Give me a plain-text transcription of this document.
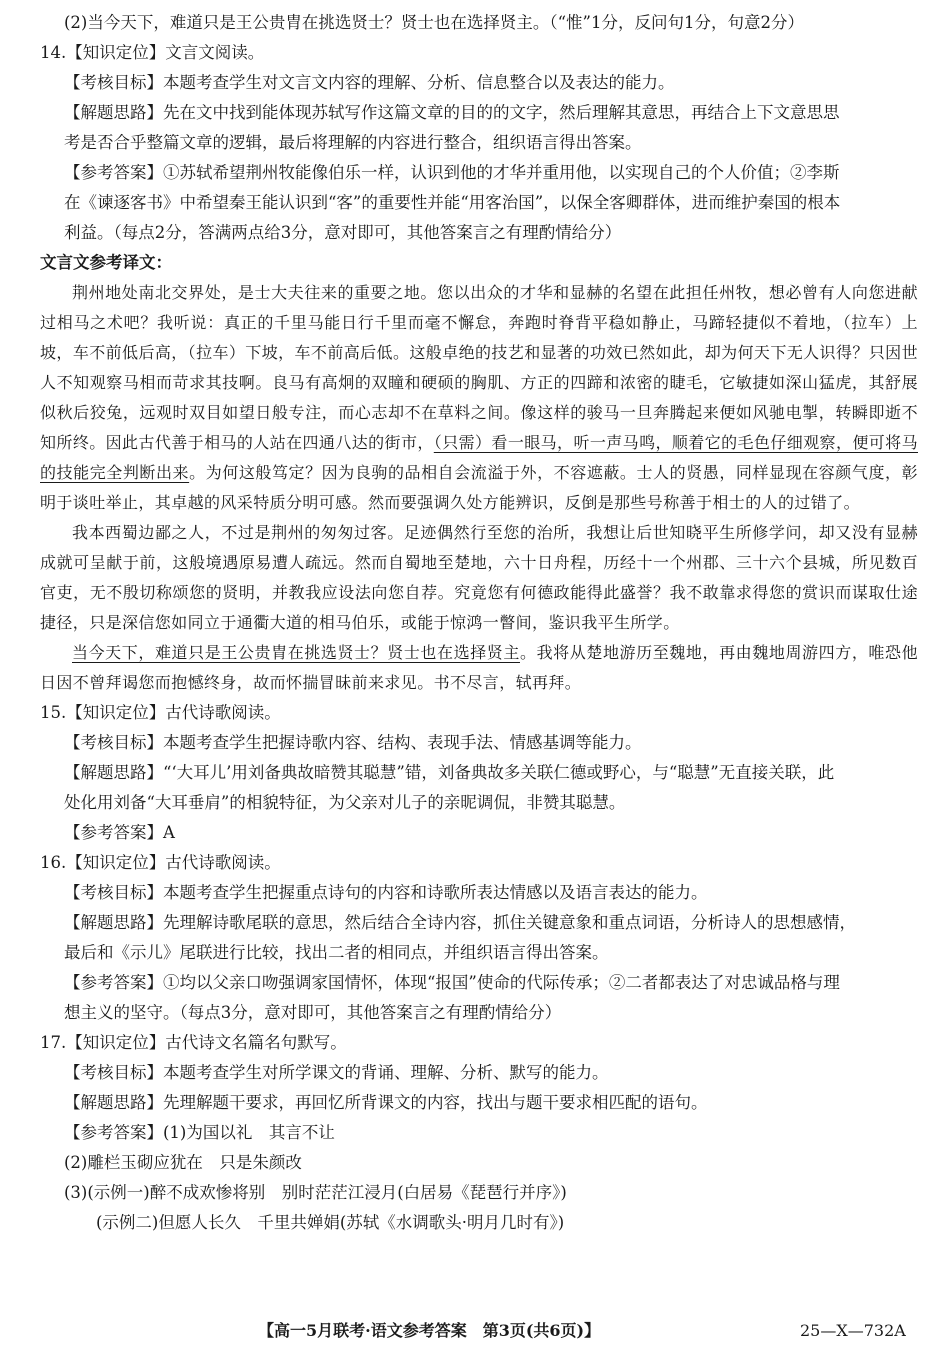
(2)当今天下，难道只是王公贵胄在挑选贤士？贤士也在选择贤主。（“惟”1分，反问句1分，句意2分）
14.【知识定位】文言文阅读。
【考核目标】本题考查学生对文言文内容的理解、分析、信息整合以及表达的能力。
【解题思路】先在文中找到能体现苏轼写作这篇文章的目的的文字，然后理解其意思，再结合上下文意思思
考是否合乎整篇文章的逻辑，最后将理解的内容进行整合，组织语言得出答案。
【参考答案】①苏轼希望荆州牧能像伯乐一样，认识到他的才华并重用他，以实现自己的个人价值；②李斯
在《谏逐客书》中希望秦王能认识到“客”的重要性并能“用客治国”，以保全客卿群体，进而维护秦国的根本
利益。（每点2分，答满两点给3分，意对即可，其他答案言之有理酌情给分）
文言文参考译文：
荆州地处南北交界处，是士大夫往来的重要之地。您以出众的才华和显赫的名望在此担任州牧，想必曾有人向您进献过相马之术吧？我听说：真正的千里马能日行千里而毫不懈怠，奔跑时脊背平稳如静止，马蹄轻捷似不着地，（拉车）上坡，车不前低后高，（拉车）下坡，车不前高后低。这般卓绝的技艺和显著的功效已然如此，却为何天下无人识得？只因世人不知观察马相而苛求其技啊。良马有高炯的双瞳和硬硕的胸肌、方正的四蹄和浓密的睫毛，它敏捷如深山猛虎，其舒展似秋后狡兔，远观时双目如望日般专注，而心志却不在草料之间。像这样的骏马一旦奔腾起来便如风驰电掣，转瞬即逝不知所终。因此古代善于相马的人站在四通八达的街市，（只需）看一眼马，听一声马鸣，顺着它的毛色仔细观察，便可将马的技能完全判断出来。为何这般笃定？因为良驹的品相自会流溢于外，不容遮蔽。士人的贤愚，同样显现在容颜气度，彰明于谈吐举止，其卓越的风采特质分明可感。然而要强调久处方能辨识，反倒是那些号称善于相士的人的过错了。
我本西蜀边鄙之人，不过是荆州的匆匆过客。足迹偶然行至您的治所，我想让后世知晓平生所修学问，却又没有显赫成就可呈献于前，这般境遇原易遭人疏远。然而自蜀地至楚地，六十日舟程，历经十一个州郡、三十六个县城，所见数百官吏，无不殷切称颂您的贤明，并教我应设法向您自荐。究竟您有何德政能得此盛誉？我不敢靠求得您的赏识而谋取仕途捷径，只是深信您如同立于通衢大道的相马伯乐，或能于惊鸿一瞥间，鉴识我平生所学。
当今天下，难道只是王公贵胄在挑选贤士？贤士也在选择贤主。我将从楚地游历至魏地，再由魏地周游四方，唯恐他日因不曾拜谒您而抱憾终身，故而怀揣冒昧前来求见。书不尽言，轼再拜。
15.【知识定位】古代诗歌阅读。
【考核目标】本题考查学生把握诗歌内容、结构、表现手法、情感基调等能力。
【解题思路】“‘大耳儿’用刘备典故暗赞其聪慧”错，刘备典故多关联仁德或野心，与“聪慧”无直接关联，此
处化用刘备“大耳垂肩”的相貌特征，为父亲对儿子的亲昵调侃，非赞其聪慧。
【参考答案】A
16.【知识定位】古代诗歌阅读。
【考核目标】本题考查学生把握重点诗句的内容和诗歌所表达情感以及语言表达的能力。
【解题思路】先理解诗歌尾联的意思，然后结合全诗内容，抓住关键意象和重点词语，分析诗人的思想感情，
最后和《示儿》尾联进行比较，找出二者的相同点，并组织语言得出答案。
【参考答案】①均以父亲口吻强调家国情怀，体现“报国”使命的代际传承；②二者都表达了对忠诚品格与理
想主义的坚守。（每点3分，意对即可，其他答案言之有理酌情给分）
17.【知识定位】古代诗文名篇名句默写。
【考核目标】本题考查学生对所学课文的背诵、理解、分析、默写的能力。
【解题思路】先理解题干要求，再回忆所背课文的内容，找出与题干要求相匹配的语句。
【参考答案】(1)为国以礼　其言不让
(2)雕栏玉砌应犹在　只是朱颜改
(3)(示例一)醉不成欢惨将别　别时茫茫江浸月(白居易《琵琶行并序》)
(示例二)但愿人长久　千里共婵娟(苏轼《水调歌头·明月几时有》)
【高一5月联考·语文参考答案　第3页(共6页)】	25—X—732A
